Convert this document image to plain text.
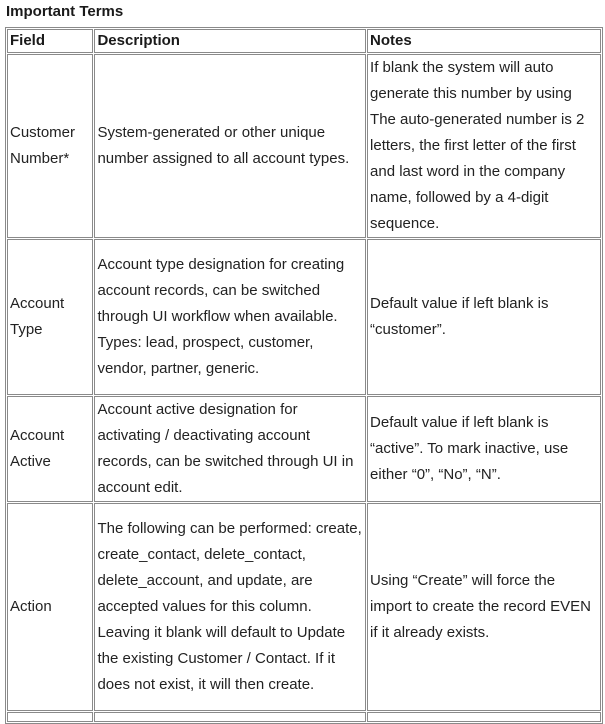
Important Terms
Field	Description	Notes
Customer Number*	System-generated or other unique number assigned to all account types.	If blank the system will auto generate this number by using The auto-generated number is 2 letters, the first letter of the first and last word in the company name, followed by a 4-digit sequence.
Account Type	Account type designation for creating account records, can be switched through UI workflow when available. Types: lead, prospect, customer, vendor, partner, generic.	Default value if left blank is “customer”.
Account Active	Account active designation for activating / deactivating account records, can be switched through UI in account edit.	Default value if left blank is “active”. To mark inactive, use either “0”, “No”, “N”.
Action	The following can be performed: create, create_contact, delete_contact, delete_account, and update, are accepted values for this column. Leaving it blank will default to Update the existing Customer / Contact. If it does not exist, it will then create.	Using “Create” will force the import to create the record EVEN if it already exists.
